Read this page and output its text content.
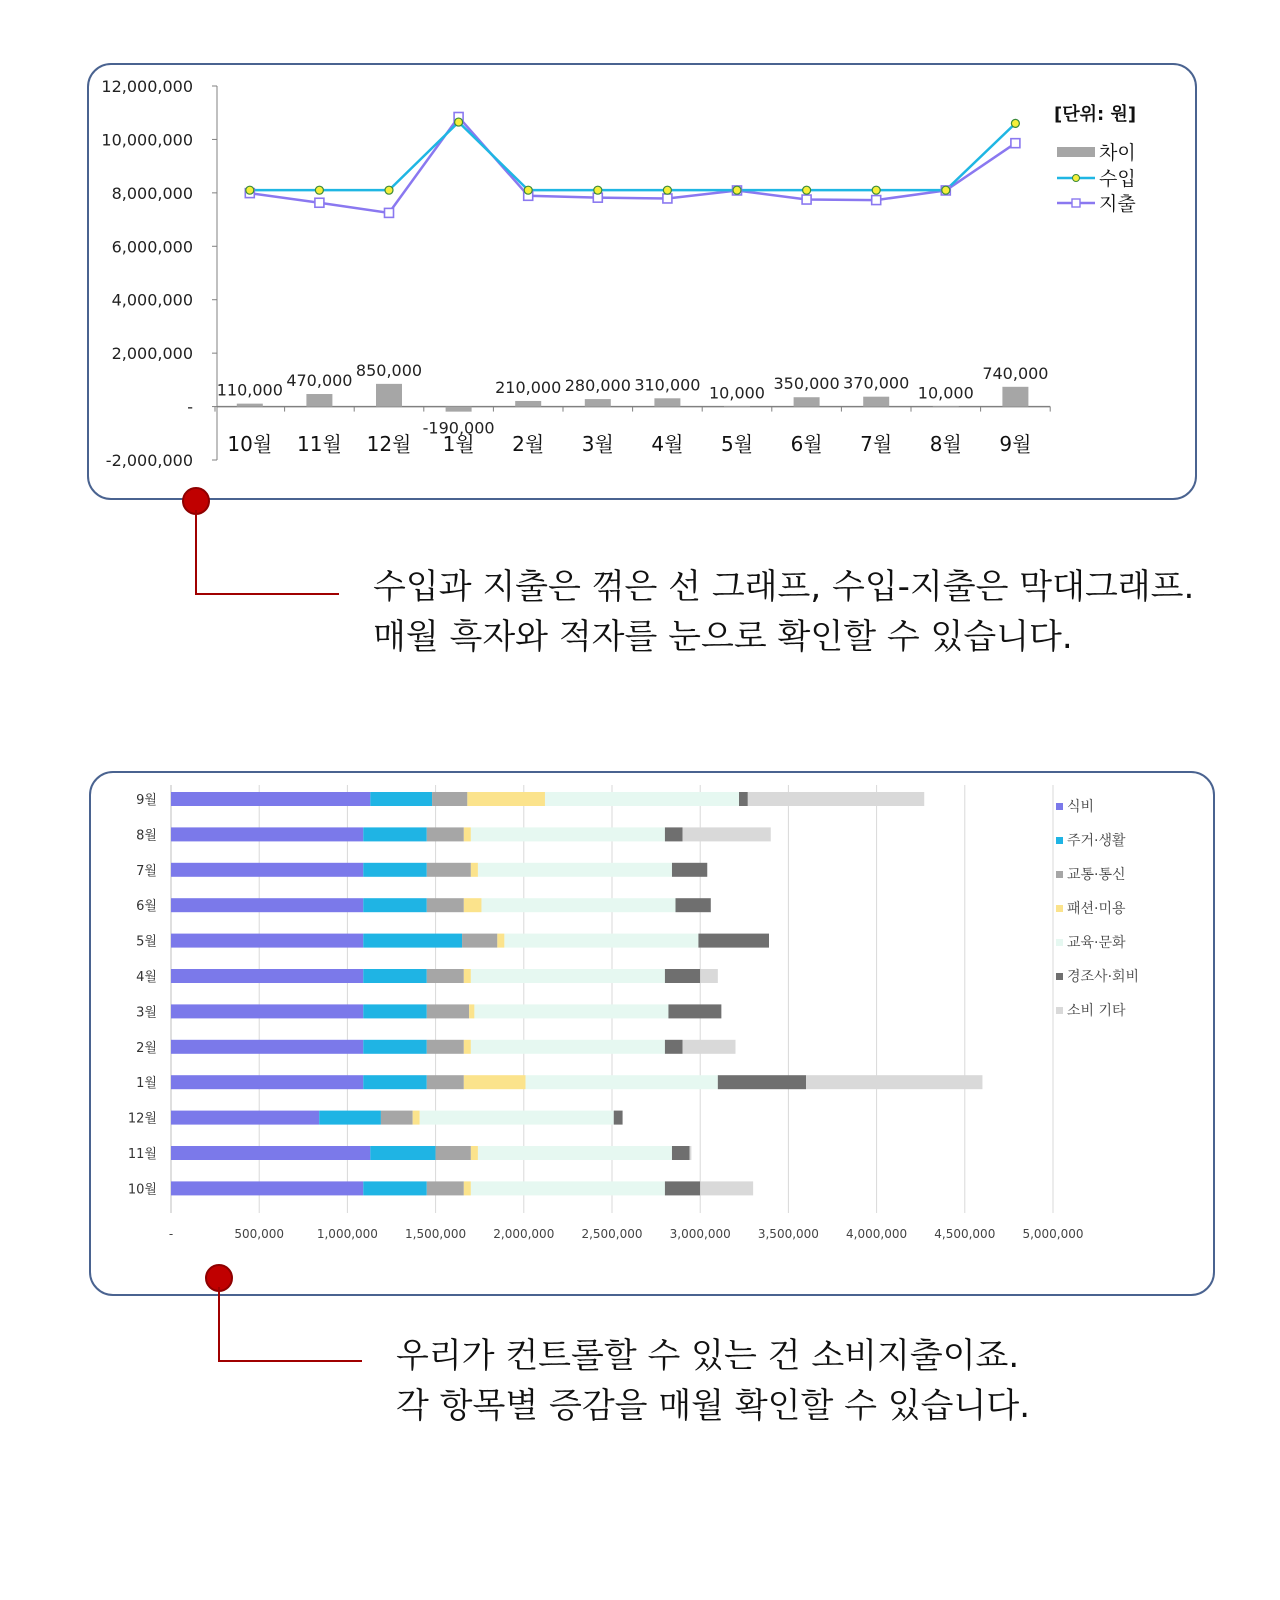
12,000,000
10,000,000
8,000,000
6,000,000
4,000,000
2,000,000
-
-2,000,000
110,000
470,000
850,000
-190,000
210,000 280,000 310,000 10,000 350,000 370,000
10,000
740,000
10월 11월 12월 1월 2월 3월 4월 5월 6월 7월 8월 9월
[단위: 원]
차이
수입
지출
수입과 지출은 꺾은 선 그래프, 수입-지출은 막대그래프.
매월 흑자와 적자를 눈으로 확인할 수 있습니다.
-	500,000	1,000,000 1,500,000 2,000,000 2,500,000 3,000,000 3,500,000 4,000,000 4,500,000 5,000,000
9월
8월
7월
6월
5월
4월
3월
2월
1월
12월
11월
10월
식비
주거·생활
교통·통신
패션·미용
교육·문화
경조사·회비
소비 기타
우리가 컨트롤할 수 있는 건 소비지출이죠.
각 항목별 증감을 매월 확인할 수 있습니다.
